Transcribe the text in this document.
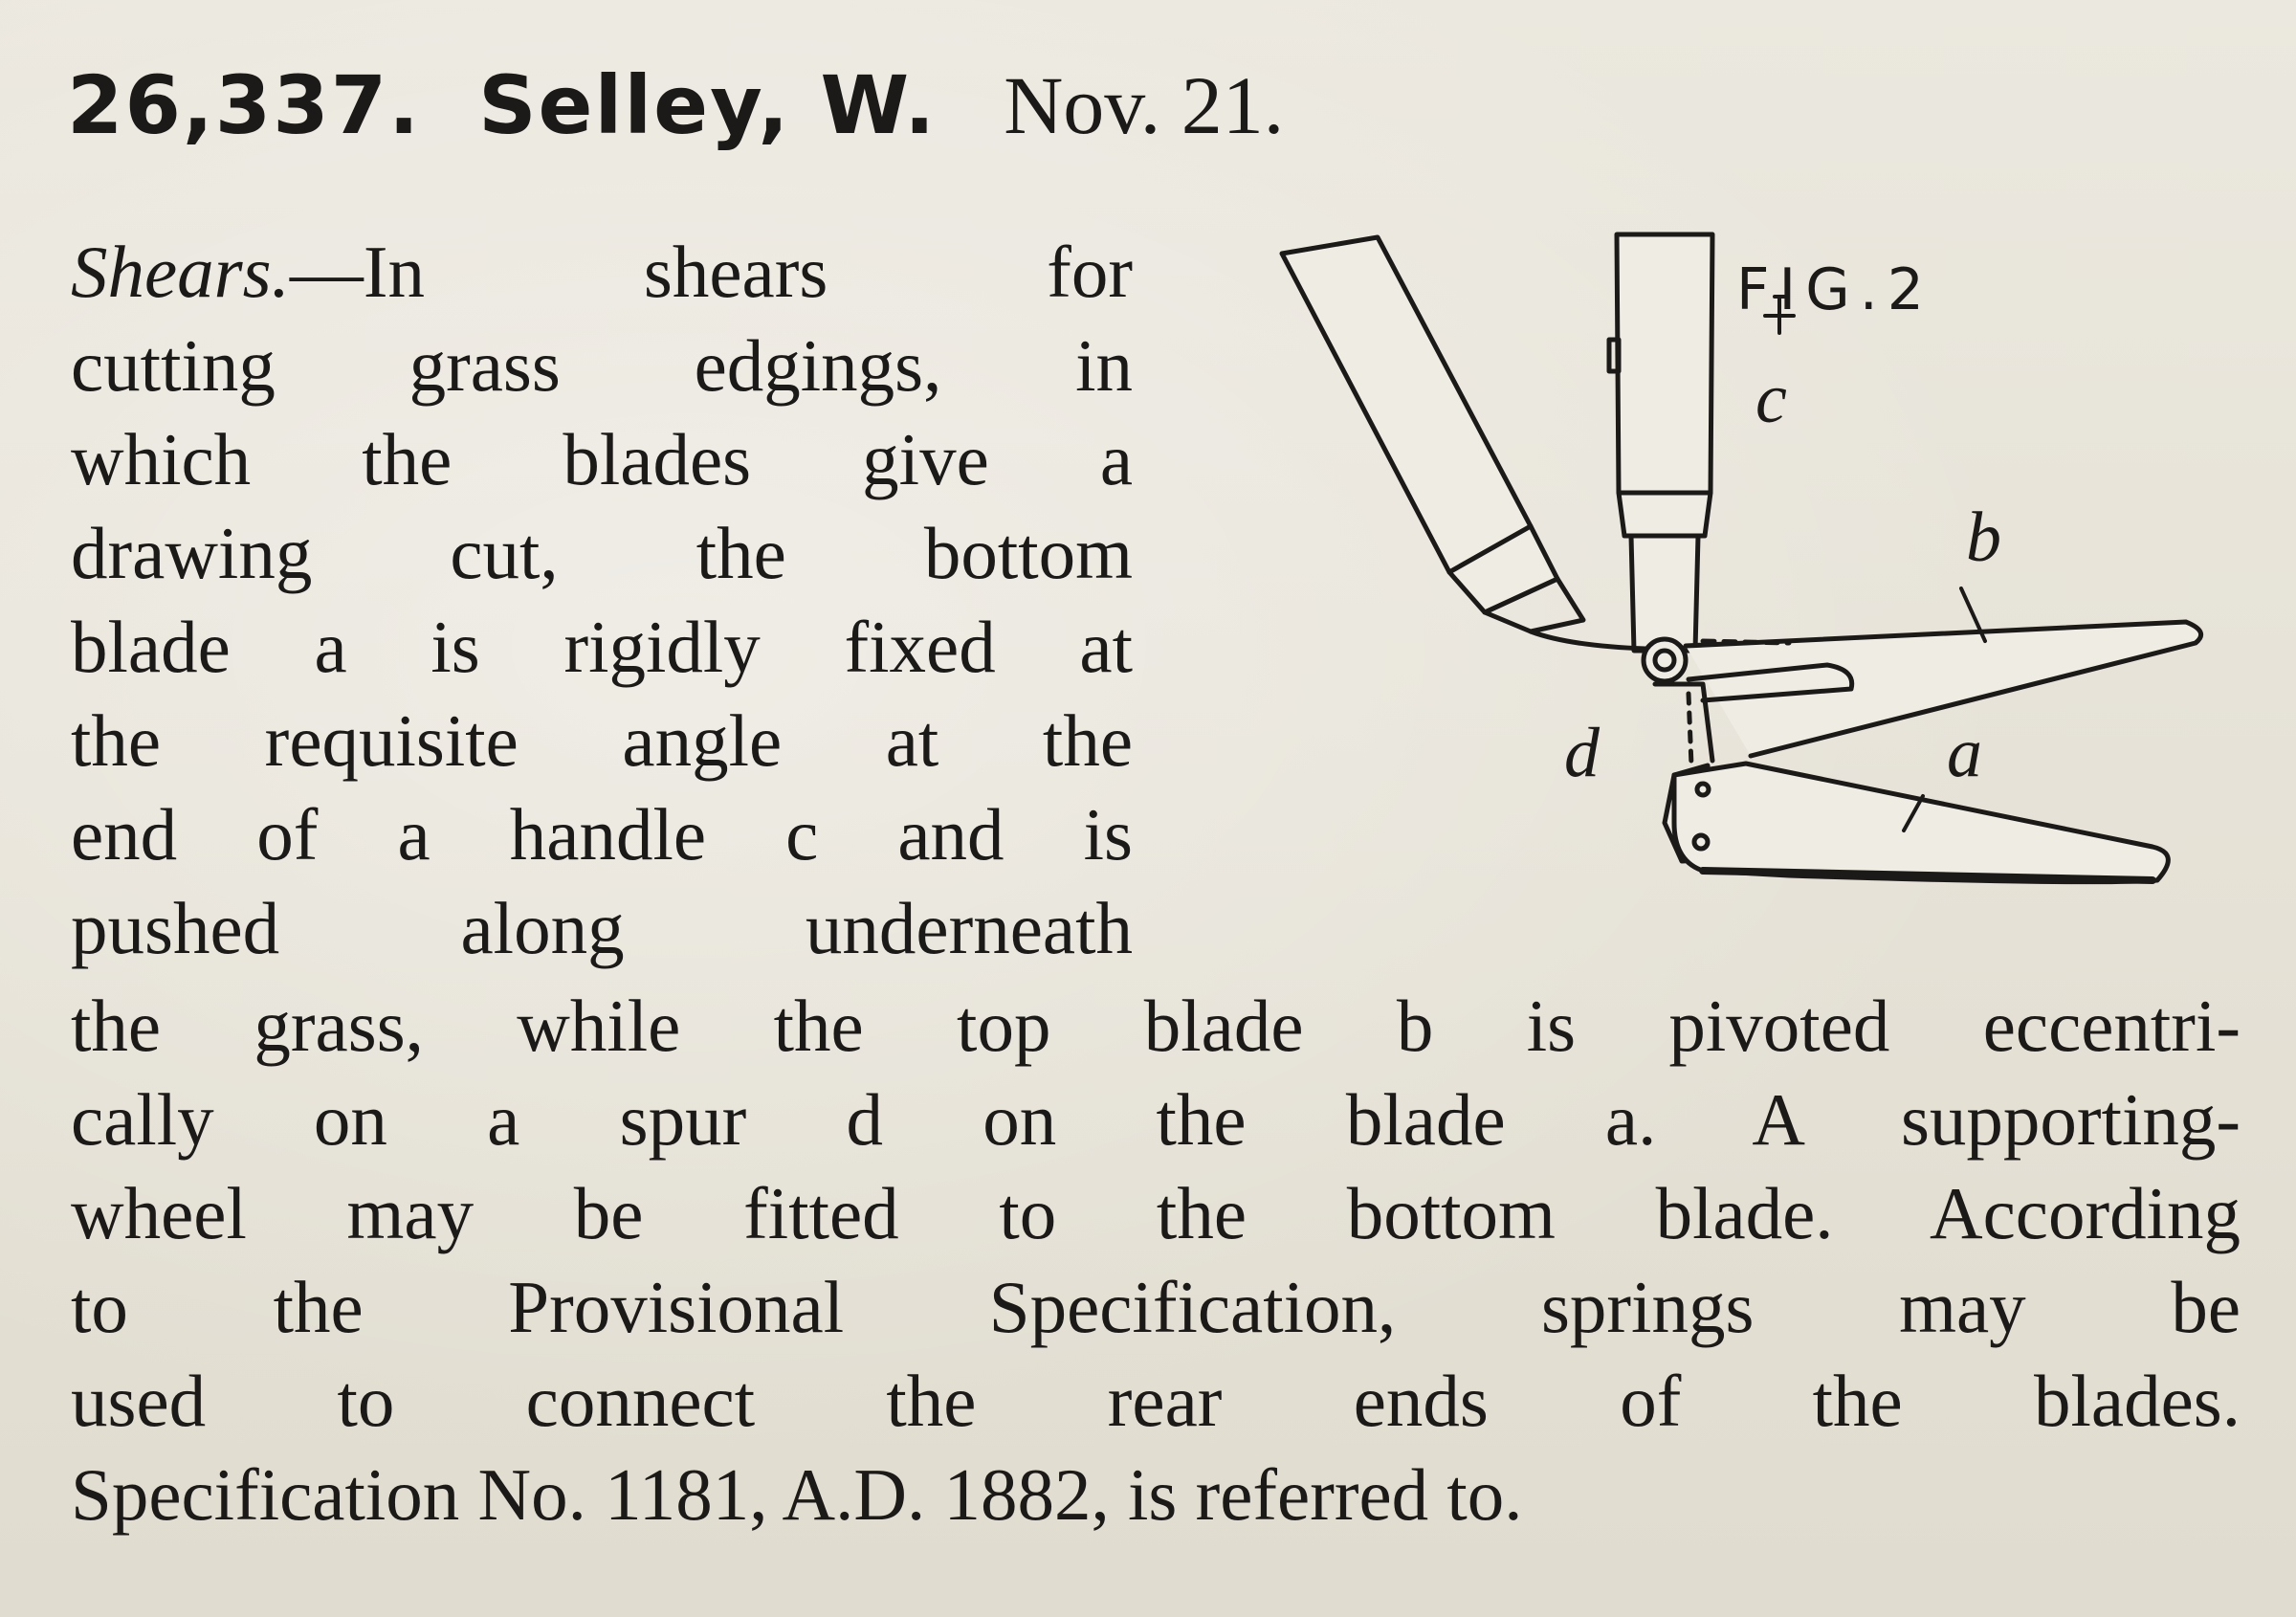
26,337. Selley, W. Nov. 21.
Shears.—In shears for
cutting grass edgings, in
which the blades give a
drawing cut, the bottom
blade a is rigidly fixed at
the requisite angle at the
end of a handle c and is
pushed along underneath
the grass, while the top blade b is pivoted eccentri-
cally on a spur d on the blade a. A supporting-
wheel may be fitted to the bottom blade. According
to the Provisional Specification, springs may be
used to connect the rear ends of the blades.
Specification No. 1181, A.D. 1882, is referred to.
FIG.2
c
b
d	a
